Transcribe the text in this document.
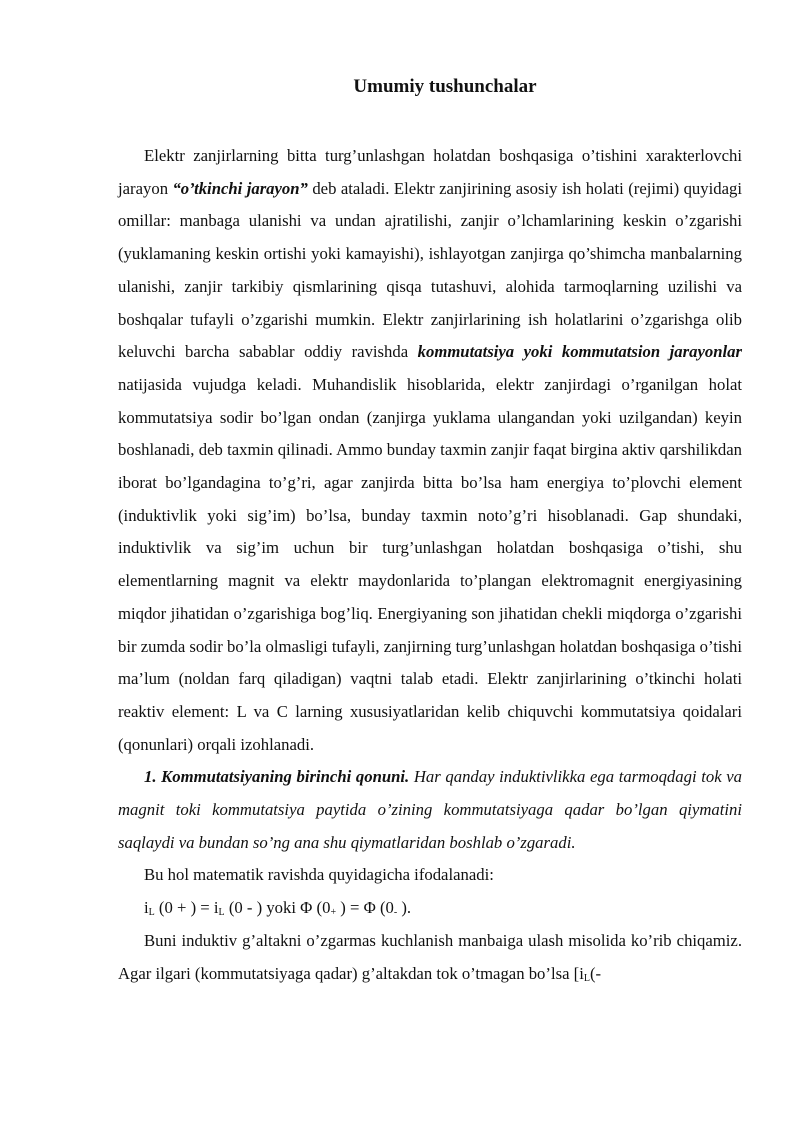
Umumiy tushunchalar

Elektr zanjirlarning bitta turg’unlashgan holatdan boshqasiga o’tishini xarakterlovchi jarayon “o’tkinchi jarayon” deb ataladi. Elektr zanjirining asosiy ish holati (rejimi) quyidagi omillar: manbaga ulanishi va undan ajratilishi, zanjir o’lchamlarining keskin o’zgarishi (yuklamaning keskin ortishi yoki kamayishi), ishlayotgan zanjirga qo’shimcha manbalarning ulanishi, zanjir tarkibiy qismlarining qisqa tutashuvi, alohida tarmoqlarning uzilishi va boshqalar tufayli o’zgarishi mumkin. Elektr zanjirlarining ish holatlarini o’zgarishga olib keluvchi barcha sabablar oddiy ravishda kommutatsiya yoki kommutatsion jarayonlar natijasida vujudga keladi. Muhandislik hisoblarida, elektr zanjirdagi o’rganilgan holat kommutatsiya sodir bo’lgan ondan (zanjirga yuklama ulangandan yoki uzilgandan) keyin boshlanadi, deb taxmin qilinadi. Ammo bunday taxmin zanjir faqat birgina aktiv qarshilikdan iborat bo’lgandagina to’g’ri, agar zanjirda bitta bo’lsa ham energiya to’plovchi element (induktivlik yoki sig’im) bo’lsa, bunday taxmin noto’g’ri hisoblanadi. Gap shundaki, induktivlik va sig’im uchun bir turg’unlashgan holatdan boshqasiga o’tishi, shu elementlarning magnit va elektr maydonlarida to’plangan elektromagnit energiyasining miqdor jihatidan o’zgarishiga bog’liq. Energiyaning son jihatidan chekli miqdorga o’zgarishi bir zumda sodir bo’la olmasligi tufayli, zanjirning turg’unlashgan holatdan boshqasiga o’tishi ma’lum (noldan farq qiladigan) vaqtni talab etadi. Elektr zanjirlarining o’tkinchi holati reaktiv element: L va C larning xususiyatlaridan kelib chiquvchi kommutatsiya qoidalari (qonunlari) orqali izohlanadi.

1. Kommutatsiyaning birinchi qonuni. Har qanday induktivlikka ega tarmoqdagi tok va magnit toki kommutatsiya paytida o’zining kommutatsiyaga qadar bo’lgan qiymatini saqlaydi va bundan so’ng ana shu qiymatlaridan boshlab o’zgaradi.

Bu hol matematik ravishda quyidagicha ifodalanadi:

$i_L$ (0 + ) = $i_L$ (0 - ) yoki Φ ($0_+$ ) = Φ ($0_-$ ).

Buni induktiv g’altakni o’zgarmas kuchlanish manbaiga ulash misolida ko’rib chiqamiz. Agar ilgari (kommutatsiyaga qadar) g’altakdan tok o’tmagan bo’lsa [$i_L(-$
